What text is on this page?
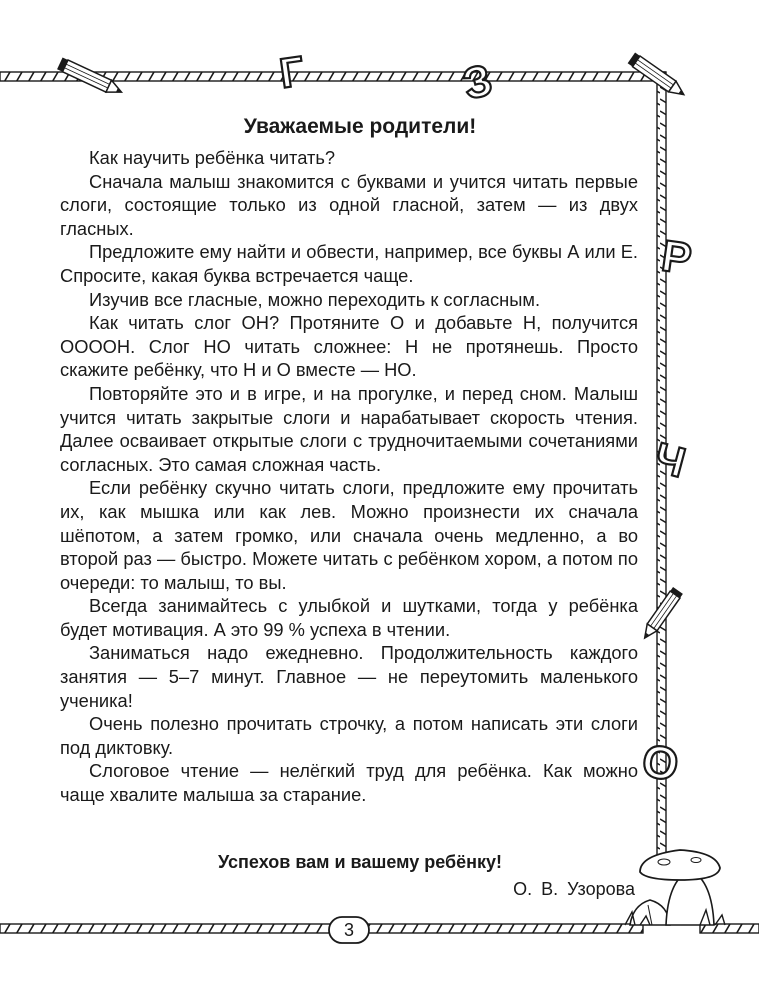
Г	З
Р
Ч
О
Уважаемые родители!

Как научить ребёнка читать?

Сначала малыш знакомится с буквами и учится читать первые слоги, состоящие только из одной гласной, затем — из двух гласных.

Предложите ему найти и обвести, например, все буквы А или Е. Спросите, какая буква встречается чаще.

Изучив все гласные, можно переходить к согласным.

Как читать слог ОН? Протяните О и добавьте Н, получится ООООН. Слог НО читать сложнее: Н не протянешь. Просто скажите ребёнку, что Н и О вместе — НО.

Повторяйте это и в игре, и на прогулке, и перед сном. Малыш учится читать закрытые слоги и нарабатывает скорость чтения. Далее осваивает открытые слоги с трудночитаемыми сочетаниями согласных. Это самая сложная часть.

Если ребёнку скучно читать слоги, предложите ему прочитать их, как мышка или как лев. Можно произнести их сначала шёпотом, а затем громко, или сначала очень медленно, а во второй раз — быстро. Можете читать с ребёнком хором, а потом по очереди: то малыш, то вы.

Всегда занимайтесь с улыбкой и шутками, тогда у ребёнка будет мотивация. А это 99 % успеха в чтении.

Заниматься надо ежедневно. Продолжительность каждого занятия — 5–7 минут. Главное — не переутомить маленького ученика!

Очень полезно прочитать строчку, а потом написать эти слоги под диктовку.

Слоговое чтение — нелёгкий труд для ребёнка. Как можно чаще хвалите малыша за старание.

Успехов вам и вашему ребёнку!
О. В. Узорова
3
